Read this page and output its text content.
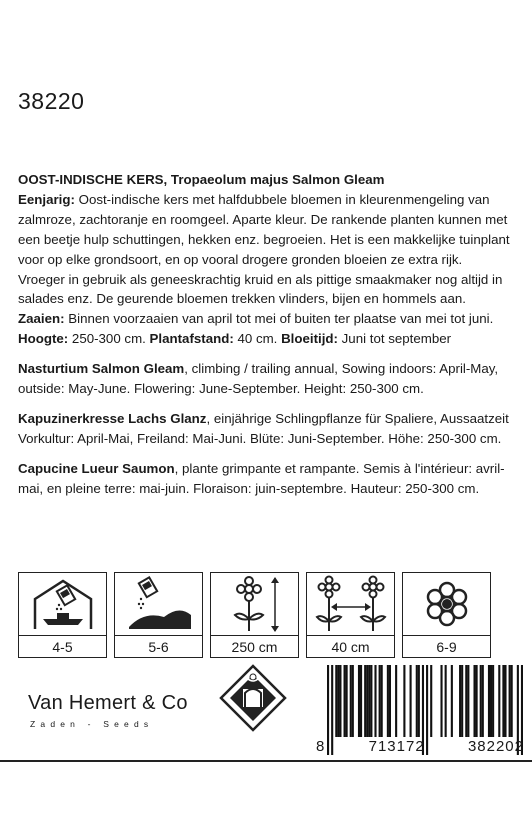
38220

OOST-INDISCHE KERS, Tropaeolum majus Salmon Gleam
Eenjarig: Oost-indische kers met halfdubbele bloemen in kleurenmengeling van zalmroze, zachtoranje en roomgeel. Aparte kleur. De rankende planten kunnen met een beetje hulp schuttingen, hekken enz. begroeien. Het is een makkelijke tuinplant voor op elke grondsoort, en op vooral drogere gronden bloeien ze extra rijk. Vroeger in gebruik als geneeskrachtig kruid en als pittige smaakmaker nog altijd in salades enz. De geurende bloemen trekken vlinders, bijen en hommels aan. Zaaien: Binnen voorzaaien van april tot mei of buiten ter plaatse van mei tot juni. Hoogte: 250-300 cm. Plantafstand: 40 cm. Bloeitijd: Juni tot september

Nasturtium Salmon Gleam, climbing / trailing annual, Sowing indoors: April-May, outside: May-June. Flowering: June-September. Height: 250-300 cm.

Kapuzinerkresse Lachs Glanz, einjährige Schlingpflanze für Spaliere, Aussaatzeit Vorkultur: April-Mai, Freiland: Mai-Juni. Blüte: Juni-September. Höhe: 250-300 cm.

Capucine Lueur Saumon, plante grimpante et rampante. Semis à l'intérieur: avril-mai, en pleine terre: mai-juin. Floraison: juin-septembre. Hauteur: 250-300 cm.

4-5	5-6	250 cm	40 cm	6-9
Van Hemert & Co
Zaden - Seeds
8	713172	382202
